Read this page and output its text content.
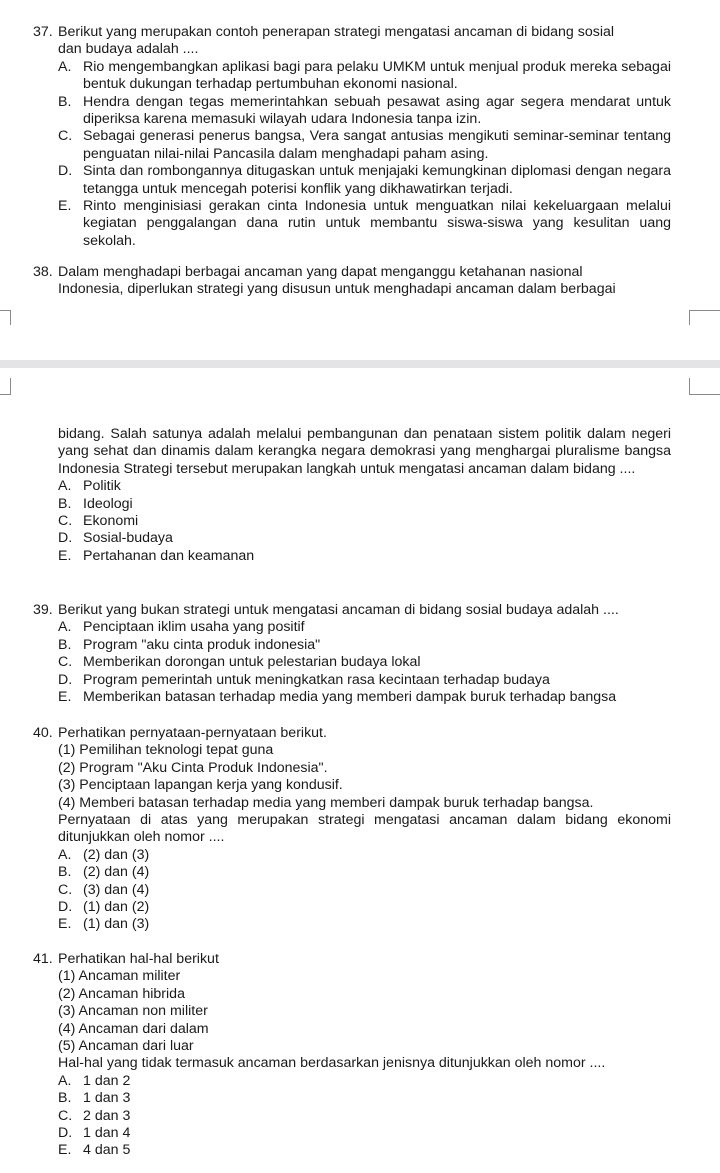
37. Berikut yang merupakan contoh penerapan strategi mengatasi ancaman di bidang sosial
dan budaya adalah ....
A. Rio mengembangkan aplikasi bagi para pelaku UMKM untuk menjual produk mereka sebagai bentuk dukungan terhadap pertumbuhan ekonomi nasional.
B. Hendra dengan tegas memerintahkan sebuah pesawat asing agar segera mendarat untuk diperiksa karena memasuki wilayah udara Indonesia tanpa izin.
C. Sebagai generasi penerus bangsa, Vera sangat antusias mengikuti seminar-seminar tentang penguatan nilai-nilai Pancasila dalam menghadapi paham asing.
D. Sinta dan rombongannya ditugaskan untuk menjajaki kemungkinan diplomasi dengan negara tetangga untuk mencegah poterisi konflik yang dikhawatirkan terjadi.
E. Rinto menginisiasi gerakan cinta Indonesia untuk menguatkan nilai kekeluargaan melalui kegiatan penggalangan dana rutin untuk membantu siswa-siswa yang kesulitan uang sekolah.
38. Dalam menghadapi berbagai ancaman yang dapat menganggu ketahanan nasional
Indonesia, diperlukan strategi yang disusun untuk menghadapi ancaman dalam berbagai
bidang. Salah satunya adalah melalui pembangunan dan penataan sistem politik dalam negeri yang sehat dan dinamis dalam kerangka negara demokrasi yang menghargai pluralisme bangsa Indonesia Strategi tersebut merupakan langkah untuk mengatasi ancaman dalam bidang ....
A. Politik
B. Ideologi
C. Ekonomi
D. Sosial-budaya
E. Pertahanan dan keamanan
39. Berikut yang bukan strategi untuk mengatasi ancaman di bidang sosial budaya adalah ....
A. Penciptaan iklim usaha yang positif
B. Program "aku cinta produk indonesia"
C. Memberikan dorongan untuk pelestarian budaya lokal
D. Program pemerintah untuk meningkatkan rasa kecintaan terhadap budaya
E. Memberikan batasan terhadap media yang memberi dampak buruk terhadap bangsa
40. Perhatikan pernyataan-pernyataan berikut.
(1) Pemilihan teknologi tepat guna
(2) Program "Aku Cinta Produk Indonesia".
(3) Penciptaan lapangan kerja yang kondusif.
(4) Memberi batasan terhadap media yang memberi dampak buruk terhadap bangsa.
Pernyataan di atas yang merupakan strategi mengatasi ancaman dalam bidang ekonomi ditunjukkan oleh nomor ....
A. (2) dan (3)
B. (2) dan (4)
C. (3) dan (4)
D. (1) dan (2)
E. (1) dan (3)
41. Perhatikan hal-hal berikut
(1) Ancaman militer
(2) Ancaman hibrida
(3) Ancaman non militer
(4) Ancaman dari dalam
(5) Ancaman dari luar
Hal-hal yang tidak termasuk ancaman berdasarkan jenisnya ditunjukkan oleh nomor ....
A. 1 dan 2
B. 1 dan 3
C. 2 dan 3
D. 1 dan 4
E. 4 dan 5
